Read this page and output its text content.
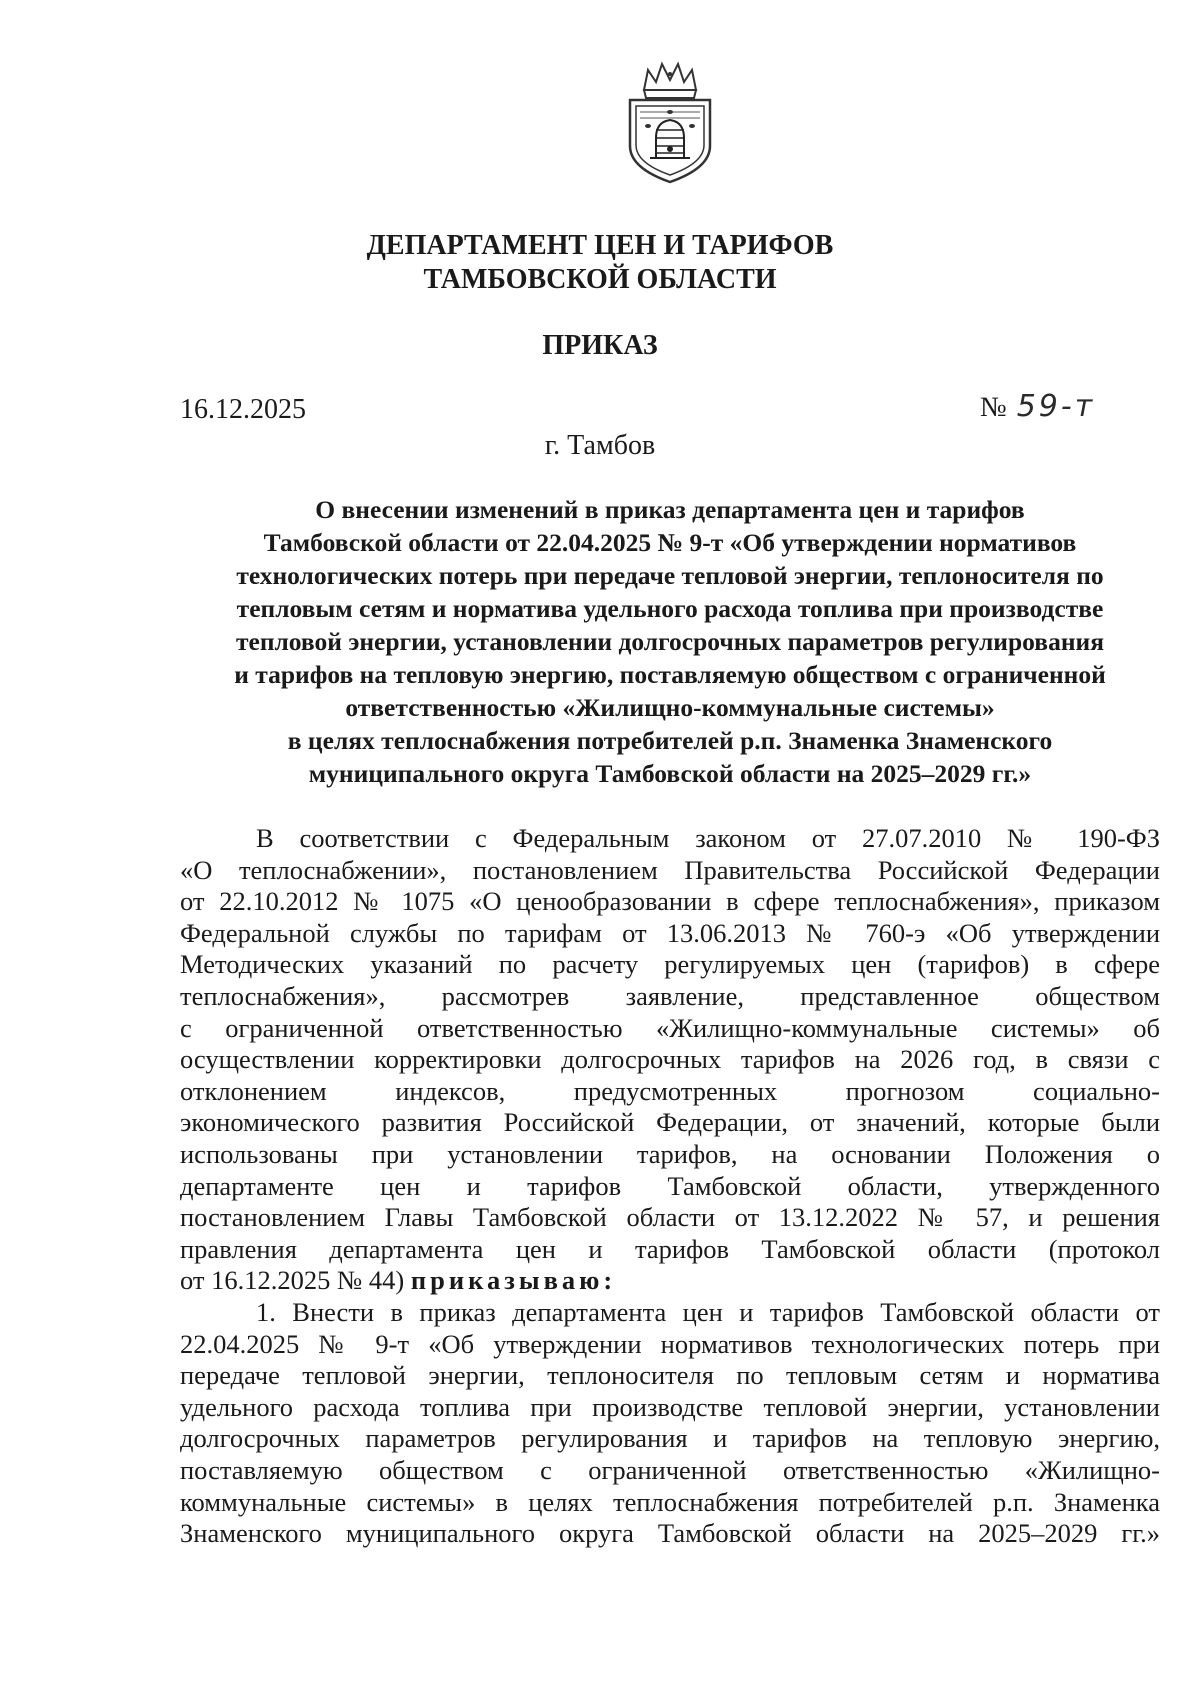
ДЕПАРТАМЕНТ ЦЕН И ТАРИФОВ
ТАМБОВСКОЙ ОБЛАСТИ
ПРИКАЗ
16.12.2025	№ 59-т
г. Тамбов
О внесении изменений в приказ департамента цен и тарифов
Тамбовской области от 22.04.2025 № 9-т «Об утверждении нормативов
технологических потерь при передаче тепловой энергии, теплоносителя по
тепловым сетям и норматива удельного расхода топлива при производстве
тепловой энергии, установлении долгосрочных параметров регулирования
и тарифов на тепловую энергию, поставляемую обществом с ограниченной
ответственностью «Жилищно-коммунальные системы»
в целях теплоснабжения потребителей р.п. Знаменка Знаменского
муниципального округа Тамбовской области на 2025–2029 гг.»
В соответствии с Федеральным законом от 27.07.2010 № 190-ФЗ
«О теплоснабжении», постановлением Правительства Российской Федерации
от 22.10.2012 № 1075 «О ценообразовании в сфере теплоснабжения», приказом
Федеральной службы по тарифам от 13.06.2013 № 760-э «Об утверждении
Методических указаний по расчету регулируемых цен (тарифов) в сфере
теплоснабжения», рассмотрев заявление, представленное обществом
с ограниченной ответственностью «Жилищно-коммунальные системы» об
осуществлении корректировки долгосрочных тарифов на 2026 год, в связи с
отклонением индексов, предусмотренных прогнозом социально-
экономического развития Российской Федерации, от значений, которые были
использованы при установлении тарифов, на основании Положения о
департаменте цен и тарифов Тамбовской области, утвержденного
постановлением Главы Тамбовской области от 13.12.2022 № 57, и решения
правления департамента цен и тарифов Тамбовской области (протокол
от 16.12.2025 № 44) приказываю:
1. Внести в приказ департамента цен и тарифов Тамбовской области от
22.04.2025 № 9-т «Об утверждении нормативов технологических потерь при
передаче тепловой энергии, теплоносителя по тепловым сетям и норматива
удельного расхода топлива при производстве тепловой энергии, установлении
долгосрочных параметров регулирования и тарифов на тепловую энергию,
поставляемую обществом с ограниченной ответственностью «Жилищно-
коммунальные системы» в целях теплоснабжения потребителей р.п. Знаменка
Знаменского муниципального округа Тамбовской области на 2025–2029 гг.»
